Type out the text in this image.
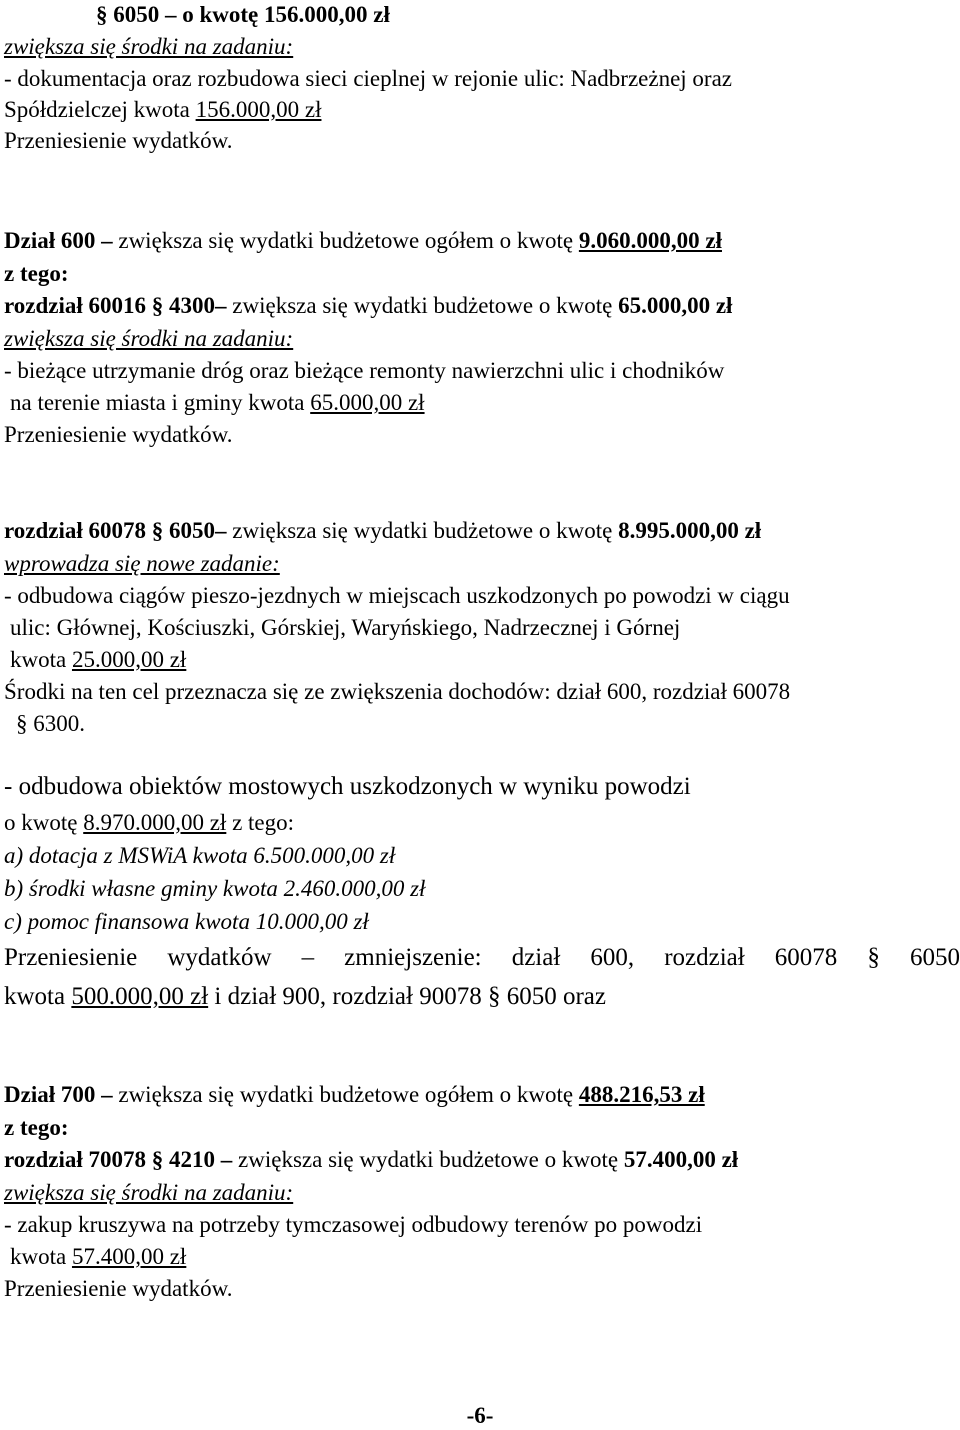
§ 6050 – o kwotę 156.000,00 zł
zwiększa się środki na zadaniu:
- dokumentacja oraz rozbudowa sieci cieplnej w rejonie ulic: Nadbrzeżnej oraz
Spółdzielczej kwota 156.000,00 zł
Przeniesienie wydatków.
Dział 600 – zwiększa się wydatki budżetowe ogółem o kwotę 9.060.000,00 zł
z tego:
rozdział 60016 § 4300– zwiększa się wydatki budżetowe o kwotę 65.000,00 zł
zwiększa się środki na zadaniu:
- bieżące utrzymanie dróg oraz bieżące remonty nawierzchni ulic i chodników
na terenie miasta i gminy kwota 65.000,00 zł
Przeniesienie wydatków.
rozdział 60078 § 6050– zwiększa się wydatki budżetowe o kwotę 8.995.000,00 zł
wprowadza się nowe zadanie:
- odbudowa ciągów pieszo-jezdnych w miejscach uszkodzonych po powodzi w ciągu
ulic: Głównej, Kościuszki, Górskiej, Waryńskiego, Nadrzecznej i Górnej
kwota 25.000,00 zł
Środki na ten cel przeznacza się ze zwiększenia dochodów: dział 600, rozdział 60078
§ 6300.
- odbudowa obiektów mostowych uszkodzonych w wyniku powodzi
o kwotę 8.970.000,00 zł z tego:
a) dotacja z MSWiA kwota 6.500.000,00 zł
b) środki własne gminy kwota 2.460.000,00 zł
c) pomoc finansowa kwota 10.000,00 zł
Przeniesienie wydatków – zmniejszenie: dział 600, rozdział 60078 § 6050
kwota 500.000,00 zł i dział 900, rozdział 90078 § 6050 oraz
Dział 700 – zwiększa się wydatki budżetowe ogółem o kwotę 488.216,53 zł
z tego:
rozdział 70078 § 4210 – zwiększa się wydatki budżetowe o kwotę 57.400,00 zł
zwiększa się środki na zadaniu:
- zakup kruszywa na potrzeby tymczasowej odbudowy terenów po powodzi
kwota 57.400,00 zł
Przeniesienie wydatków.
-6-
